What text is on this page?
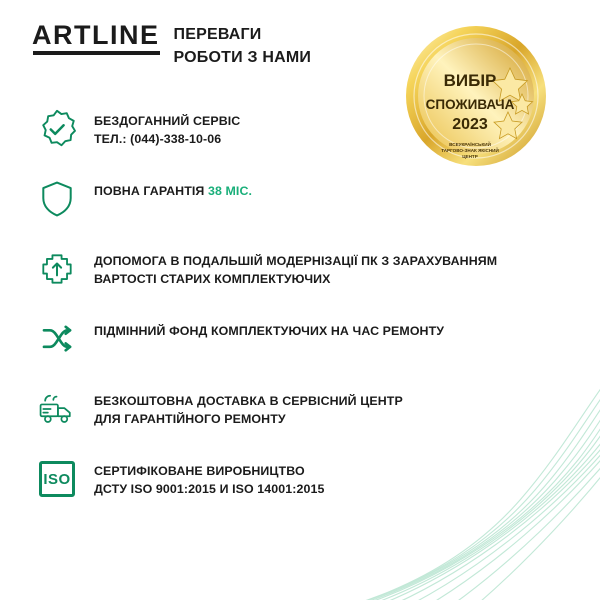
ARTLINE ПЕРЕВАГИ
РОБОТИ З НАМИ
ВИБІР
СПОЖИВАЧА
2023
ВСЕУКРАЇНСЬКИЙ
ТАРГОВО-ЗНАК ЯКІСНИЙ
ЦЕНТР
БЕЗДОГАННИЙ СЕРВІС
ТЕЛ.: (044)-338-10-06
ПОВНА ГАРАНТІЯ 38 МІС.
ДОПОМОГА В ПОДАЛЬШІЙ МОДЕРНІЗАЦІЇ ПК З ЗАРАХУВАННЯМ
ВАРТОСТІ СТАРИХ КОМПЛЕКТУЮЧИХ
ПІДМІННИЙ ФОНД КОМПЛЕКТУЮЧИХ НА ЧАС РЕМОНТУ
БЕЗКОШТОВНА ДОСТАВКА В СЕРВІСНИЙ ЦЕНТР
ДЛЯ ГАРАНТІЙНОГО РЕМОНТУ
ISO	СЕРТИФІКОВАНЕ ВИРОБНИЦТВО
ДСТУ ISO 9001:2015 И ISO 14001:2015
